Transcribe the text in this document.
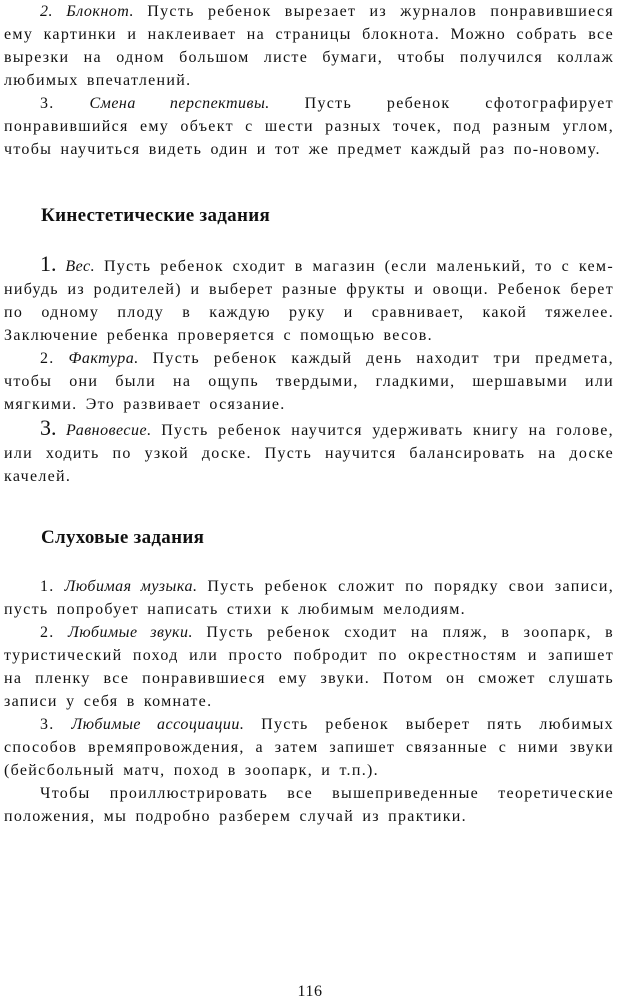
2. Блокнот. Пусть ребенок вырезает из журналов понравившиеся ему картинки и наклеивает на страницы блокнота. Можно собрать все вырезки на одном большом листе бумаги, чтобы получился коллаж любимых впечатлений.

3. Смена перспективы. Пусть ребенок сфотографирует понравившийся ему объект с шести разных точек, под разным углом, чтобы научиться видеть один и тот же предмет каждый раз по-новому.

Кинестетические задания

1. Вес. Пусть ребенок сходит в магазин (если маленький, то с кем-нибудь из родителей) и выберет разные фрукты и овощи. Ребенок берет по одному плоду в каждую руку и сравнивает, какой тяжелее. Заключение ребенка проверяется с помощью весов.

2. Фактура. Пусть ребенок каждый день находит три предмета, чтобы они были на ощупь твердыми, гладкими, шершавыми или мягкими. Это развивает осязание.

3. Равновесие. Пусть ребенок научится удерживать книгу на голове, или ходить по узкой доске. Пусть научится балансировать на доске качелей.

Слуховые задания

1. Любимая музыка. Пусть ребенок сложит по порядку свои записи, пусть попробует написать стихи к любимым мелодиям.

2. Любимые звуки. Пусть ребенок сходит на пляж, в зоопарк, в туристический поход или просто побродит по окрестностям и запишет на пленку все понравившиеся ему звуки. Потом он сможет слушать записи у себя в комнате.

3. Любимые ассоциации. Пусть ребенок выберет пять любимых способов времяпровождения, а затем запишет связанные с ними звуки (бейсбольный матч, поход в зоопарк, и т.п.).

Чтобы проиллюстрировать все вышеприведенные теоретические положения, мы подробно разберем случай из практики.

116
